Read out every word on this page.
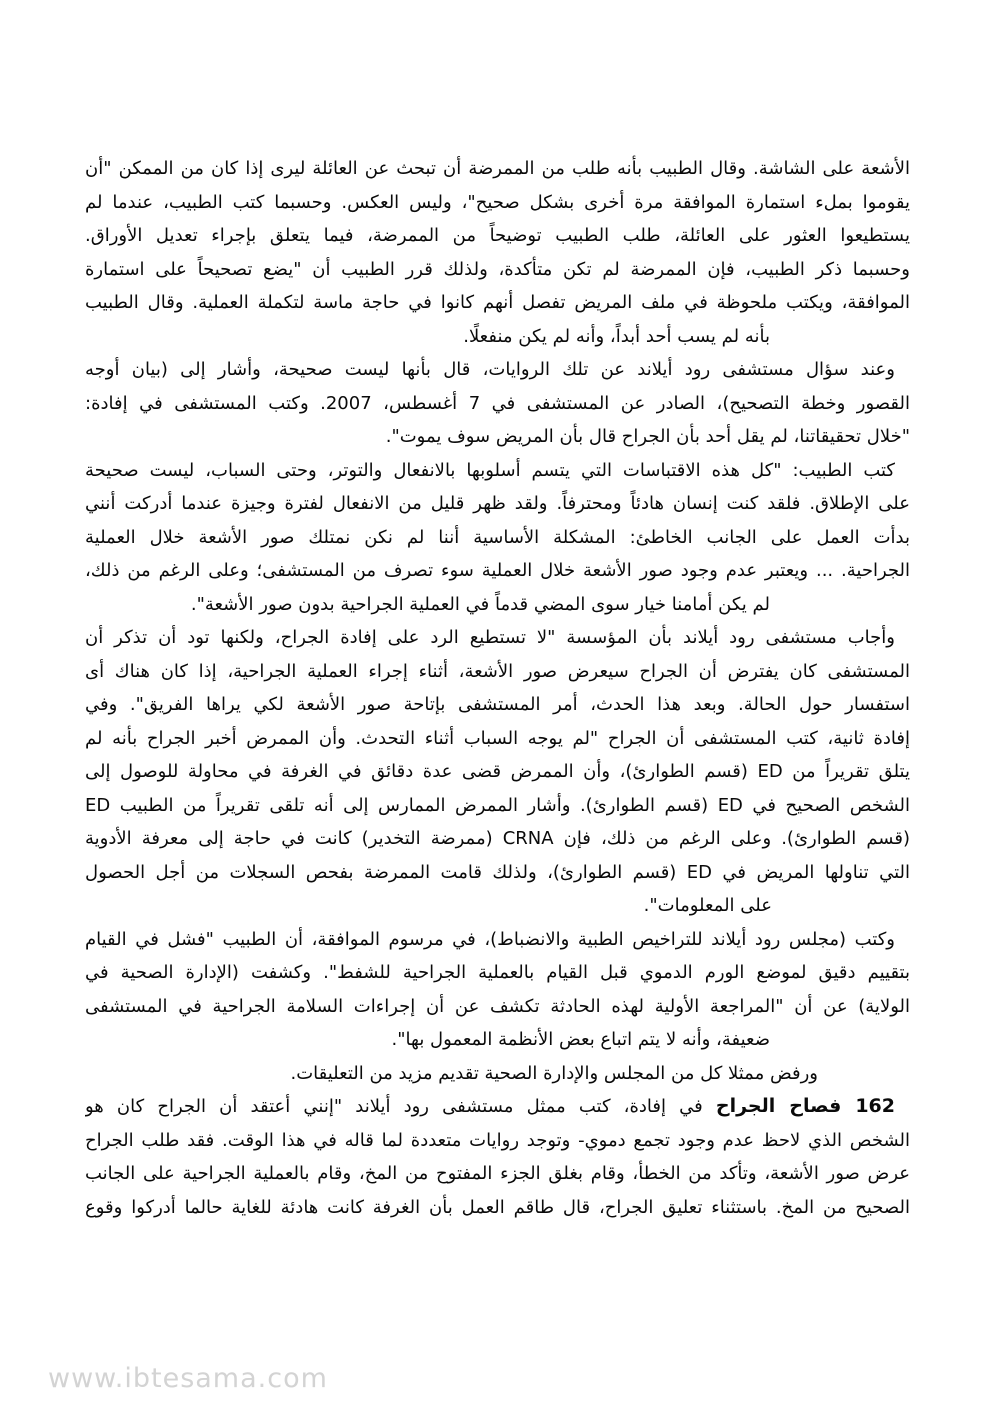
الأشعة على الشاشة. وقال الطبيب بأنه طلب من الممرضة أن تبحث عن العائلة ليرى إذا كان من الممكن "أن
يقوموا بملء استمارة الموافقة مرة أخرى بشكل صحيح"، وليس العكس. وحسبما كتب الطبيب، عندما لم
يستطيعوا العثور على العائلة، طلب الطبيب توضيحاً من الممرضة، فيما يتعلق بإجراء تعديل الأوراق.
وحسبما ذكر الطبيب، فإن الممرضة لم تكن متأكدة، ولذلك قرر الطبيب أن "يضع تصحيحاً على استمارة
الموافقة، ويكتب ملحوظة في ملف المريض تفصل أنهم كانوا في حاجة ماسة لتكملة العملية. وقال الطبيب
بأنه لم يسب أحد أبداً، وأنه لم يكن منفعلًا.
وعند سؤال مستشفى رود أيلاند عن تلك الروايات، قال بأنها ليست صحيحة، وأشار إلى (بيان أوجه
القصور وخطة التصحيح)، الصادر عن المستشفى في 7 أغسطس، 2007. وكتب المستشفى في إفادة:
"خلال تحقيقاتنا، لم يقل أحد بأن الجراح قال بأن المريض سوف يموت".
كتب الطبيب: "كل هذه الاقتباسات التي يتسم أسلوبها بالانفعال والتوتر، وحتى السباب، ليست صحيحة
على الإطلاق. فلقد كنت إنسان هادئاً ومحترفاً. ولقد ظهر قليل من الانفعال لفترة وجيزة عندما أدركت أنني
بدأت العمل على الجانب الخاطئ: المشكلة الأساسية أننا لم نكن نمتلك صور الأشعة خلال العملية
الجراحية. ... ويعتبر عدم وجود صور الأشعة خلال العملية سوء تصرف من المستشفى؛ وعلى الرغم من ذلك،
لم يكن أمامنا خيار سوى المضي قدماً في العملية الجراحية بدون صور الأشعة".
وأجاب مستشفى رود أيلاند بأن المؤسسة "لا تستطيع الرد على إفادة الجراح، ولكنها تود أن تذكر أن
المستشفى كان يفترض أن الجراح سيعرض صور الأشعة، أثناء إجراء العملية الجراحية، إذا كان هناك أى
استفسار حول الحالة. وبعد هذا الحدث، أمر المستشفى بإتاحة صور الأشعة لكي يراها الفريق". وفي
إفادة ثانية، كتب المستشفى أن الجراح "لم يوجه السباب أثناء التحدث. وأن الممرض أخبر الجراح بأنه لم
يتلق تقريراً من ED (قسم الطوارئ)، وأن الممرض قضى عدة دقائق في الغرفة في محاولة للوصول إلى
الشخص الصحيح في ED (قسم الطوارئ). وأشار الممرض الممارس إلى أنه تلقى تقريراً من الطبيب ED
(قسم الطوارئ). وعلى الرغم من ذلك، فإن CRNA (ممرضة التخدير) كانت في حاجة إلى معرفة الأدوية
التي تناولها المريض في ED (قسم الطوارئ)، ولذلك قامت الممرضة بفحص السجلات من أجل الحصول
على المعلومات".
وكتب (مجلس رود أيلاند للتراخيص الطبية والانضباط)، في مرسوم الموافقة، أن الطبيب "فشل في القيام
بتقييم دقيق لموضع الورم الدموي قبل القيام بالعملية الجراحية للشفط". وكشفت (الإدارة الصحية في
الولاية) عن أن "المراجعة الأولية لهذه الحادثة تكشف عن أن إجراءات السلامة الجراحية في المستشفى
ضعيفة، وأنه لا يتم اتباع بعض الأنظمة المعمول بها".
ورفض ممثلا كل من المجلس والإدارة الصحية تقديم مزيد من التعليقات.
162 فصاح الجراح في إفادة، كتب ممثل مستشفى رود أيلاند "إنني أعتقد أن الجراح كان هو
الشخص الذي لاحظ عدم وجود تجمع دموي- وتوجد روايات متعددة لما قاله في هذا الوقت. فقد طلب الجراح
عرض صور الأشعة، وتأكد من الخطأ، وقام بغلق الجزء المفتوح من المخ، وقام بالعملية الجراحية على الجانب
الصحيح من المخ. باستثناء تعليق الجراح، قال طاقم العمل بأن الغرفة كانت هادئة للغاية حالما أدركوا وقوع
www.ibtesama.com
